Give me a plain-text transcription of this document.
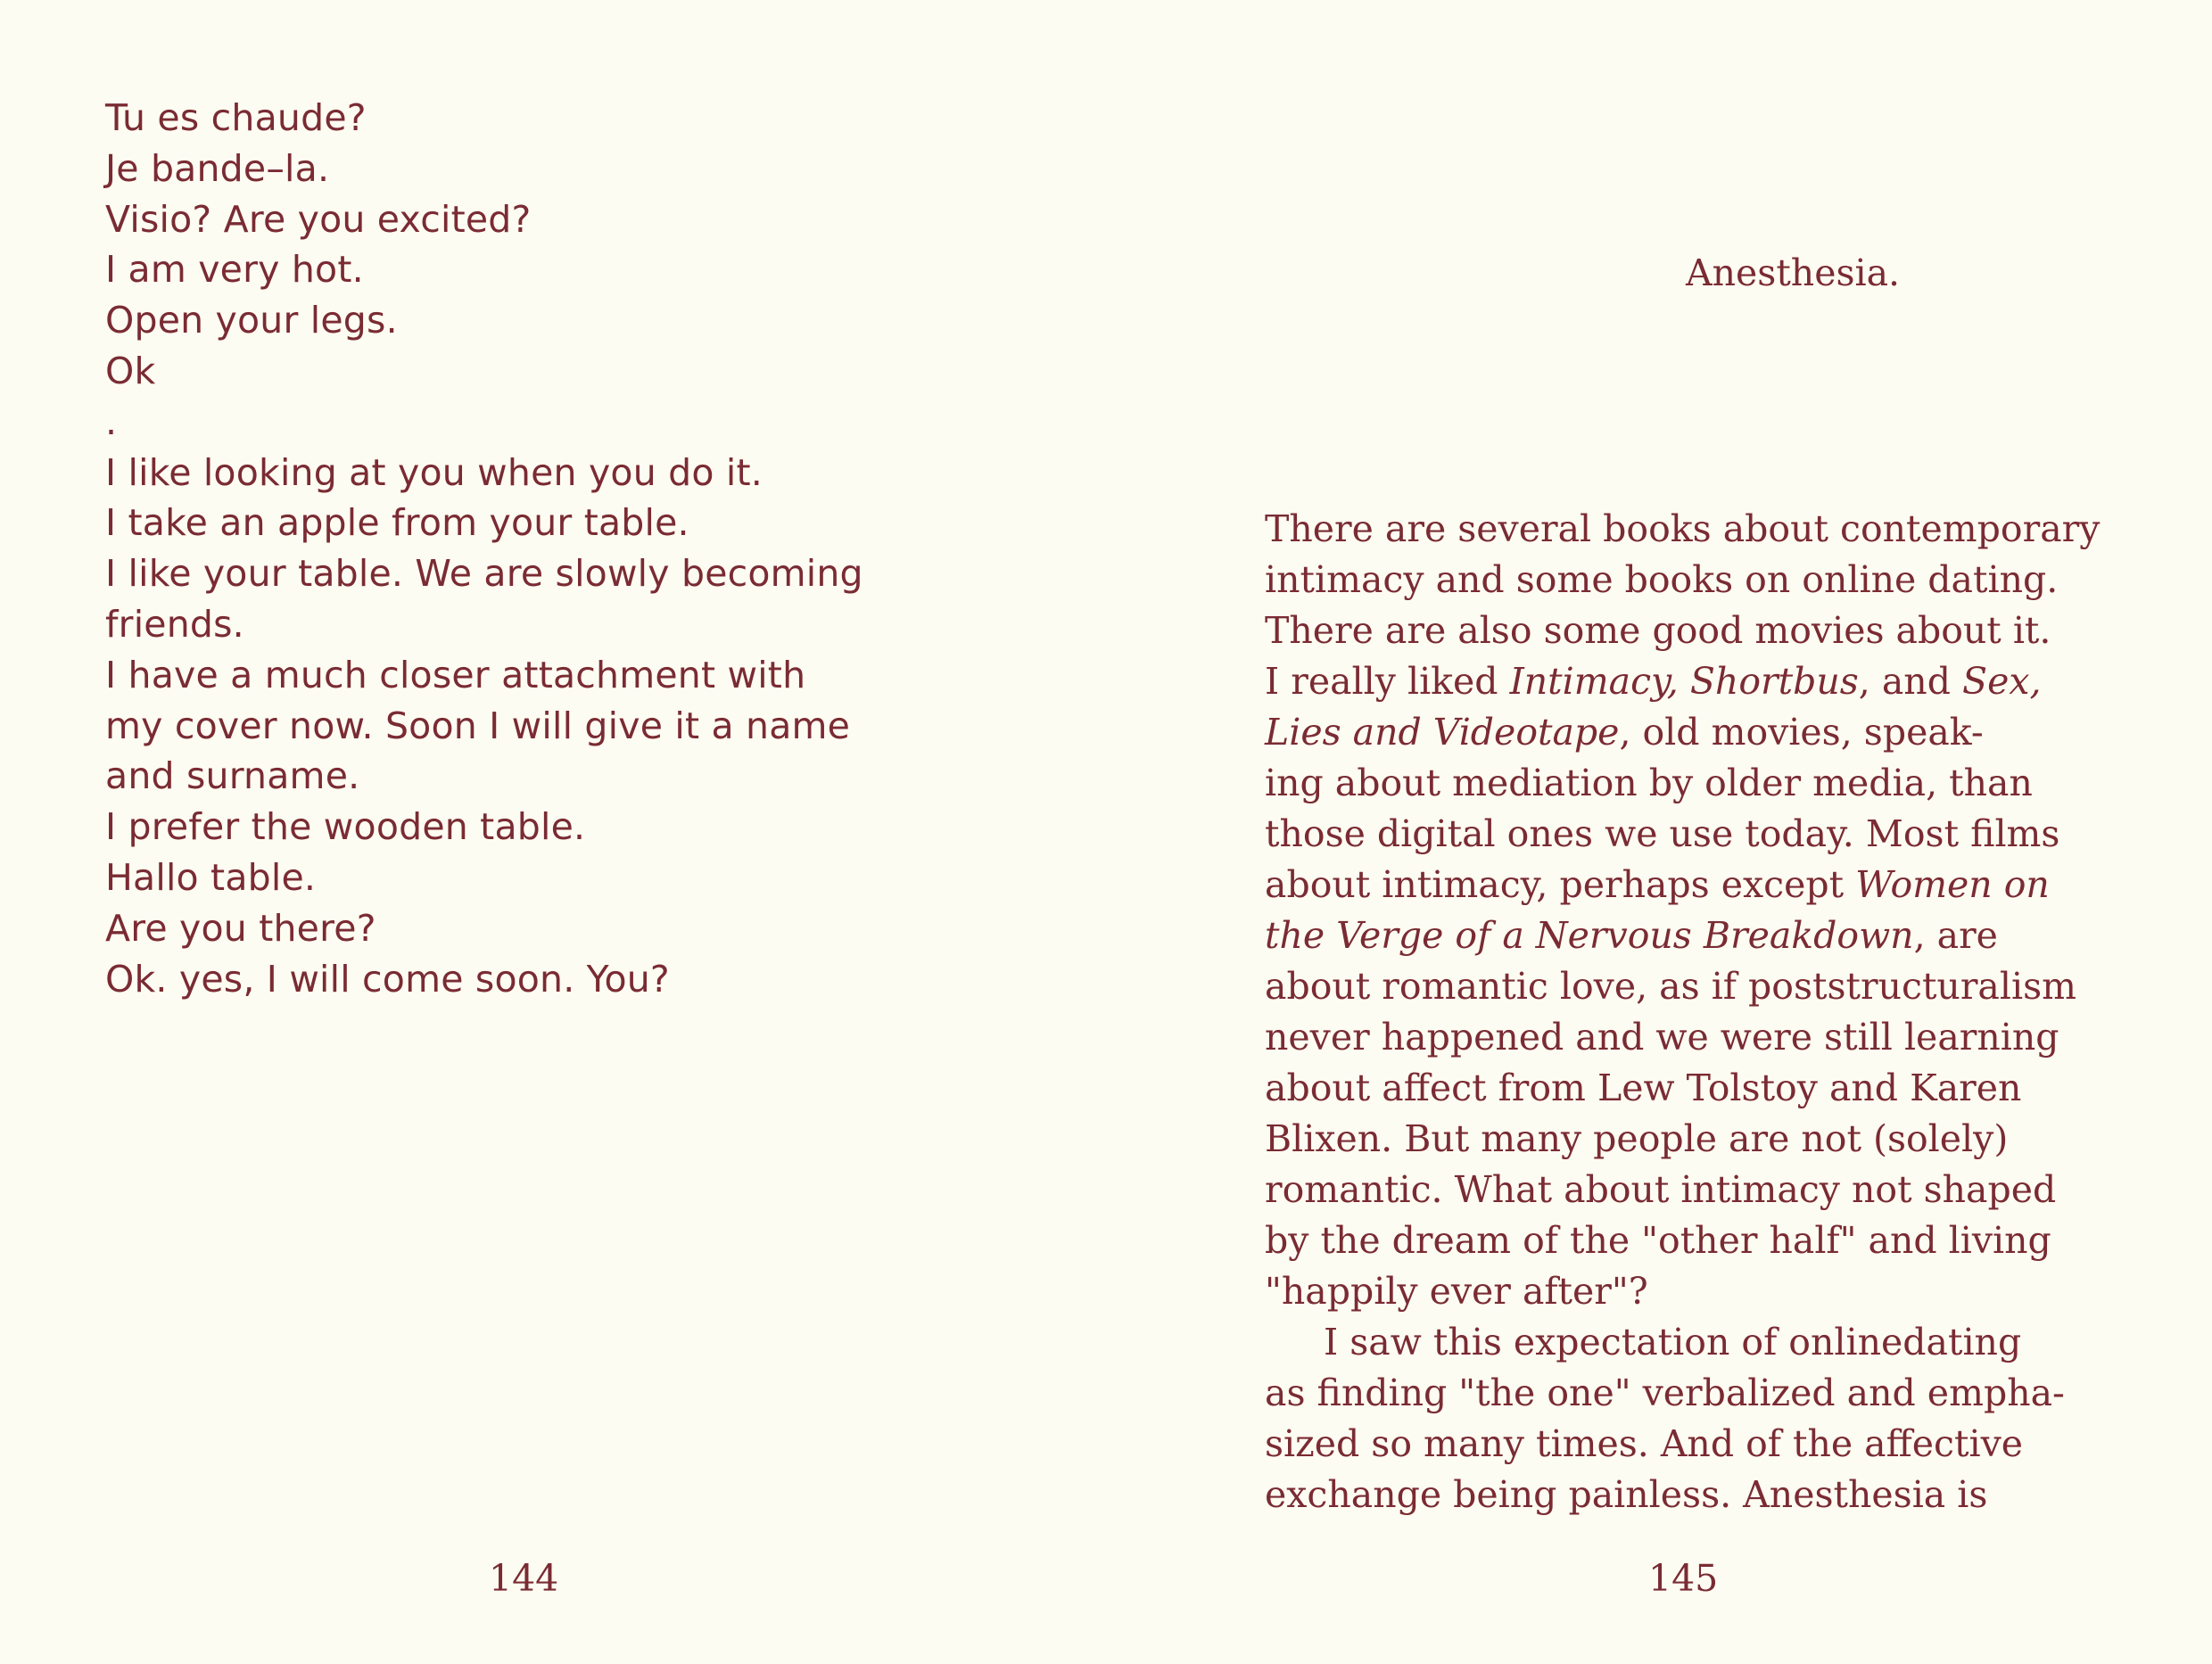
Tu es chaude?
Je bande–la.
Visio? Are you excited?
I am very hot.
Open your legs.
Ok
.
I like looking at you when you do it.
I take an apple from your table.
I like your table. We are slowly becoming
friends.
I have a much closer attachment with
my cover now. Soon I will give it a name
and surname.
I prefer the wooden table.
Hallo table.
Are you there?
Ok. yes, I will come soon. You?
144
Anesthesia.
There are several books about contemporary
intimacy and some books on online dating.
There are also some good movies about it.
I really liked Intimacy, Shortbus, and Sex,
Lies and Videotape, old movies, speak-
ing about mediation by older media, than
those digital ones we use today. Most films
about intimacy, perhaps except Women on
the Verge of a Nervous Breakdown, are
about romantic love, as if poststructuralism
never happened and we were still learning
about affect from Lew Tolstoy and Karen
Blixen. But many people are not (solely)
romantic. What about intimacy not shaped
by the dream of the "other half" and living
"happily ever after"?
I saw this expectation of onlinedating
as finding "the one" verbalized and empha-
sized so many times. And of the affective
exchange being painless. Anesthesia is
145
